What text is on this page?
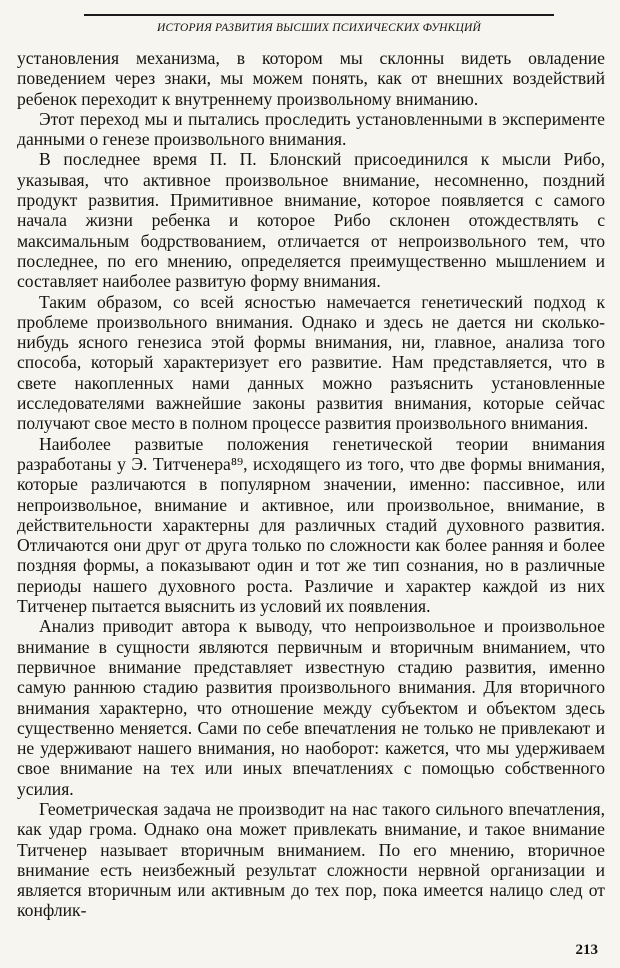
ИСТОРИЯ РАЗВИТИЯ ВЫСШИХ ПСИХИЧЕСКИХ ФУНКЦИЙ

установления механизма, в котором мы склонны видеть овладение поведением через знаки, мы можем понять, как от внешних воздействий ребенок переходит к внутреннему произвольному вниманию.

Этот переход мы и пытались проследить установленными в эксперименте данными о генезе произвольного внимания.

В последнее время П. П. Блонский присоединился к мысли Рибо, указывая, что активное произвольное внимание, несомненно, поздний продукт развития. Примитивное внимание, которое появляется с самого начала жизни ребенка и которое Рибо склонен отождествлять с максимальным бодрствованием, отличается от непроизвольного тем, что последнее, по его мнению, определяется преимущественно мышлением и составляет наиболее развитую форму внимания.

Таким образом, со всей ясностью намечается генетический подход к проблеме произвольного внимания. Однако и здесь не дается ни сколько-нибудь ясного генезиса этой формы внимания, ни, главное, анализа того способа, который характеризует его развитие. Нам представляется, что в свете накопленных нами данных можно разъяснить установленные исследователями важнейшие законы развития внимания, которые сейчас получают свое место в полном процессе развития произвольного внимания.

Наиболее развитые положения генетической теории внимания разработаны у Э. Титченера⁸⁹, исходящего из того, что две формы внимания, которые различаются в популярном значении, именно: пассивное, или непроизвольное, внимание и активное, или произвольное, внимание, в действительности характерны для различных стадий духовного развития. Отличаются они друг от друга только по сложности как более ранняя и более поздняя формы, а показывают один и тот же тип сознания, но в различные периоды нашего духовного роста. Различие и характер каждой из них Титченер пытается выяснить из условий их появления.

Анализ приводит автора к выводу, что непроизвольное и произвольное внимание в сущности являются первичным и вторичным вниманием, что первичное внимание представляет известную стадию развития, именно самую раннюю стадию развития произвольного внимания. Для вторичного внимания характерно, что отношение между субъектом и объектом здесь существенно меняется. Сами по себе впечатления не только не привлекают и не удерживают нашего внимания, но наоборот: кажется, что мы удерживаем свое внимание на тех или иных впечатлениях с помощью собственного усилия.

Геометрическая задача не производит на нас такого сильного впечатления, как удар грома. Однако она может привлекать внимание, и такое внимание Титченер называет вторичным вниманием. По его мнению, вторичное внимание есть неизбежный результат сложности нервной организации и является вторичным или активным до тех пор, пока имеется налицо след от конфлик-

213
